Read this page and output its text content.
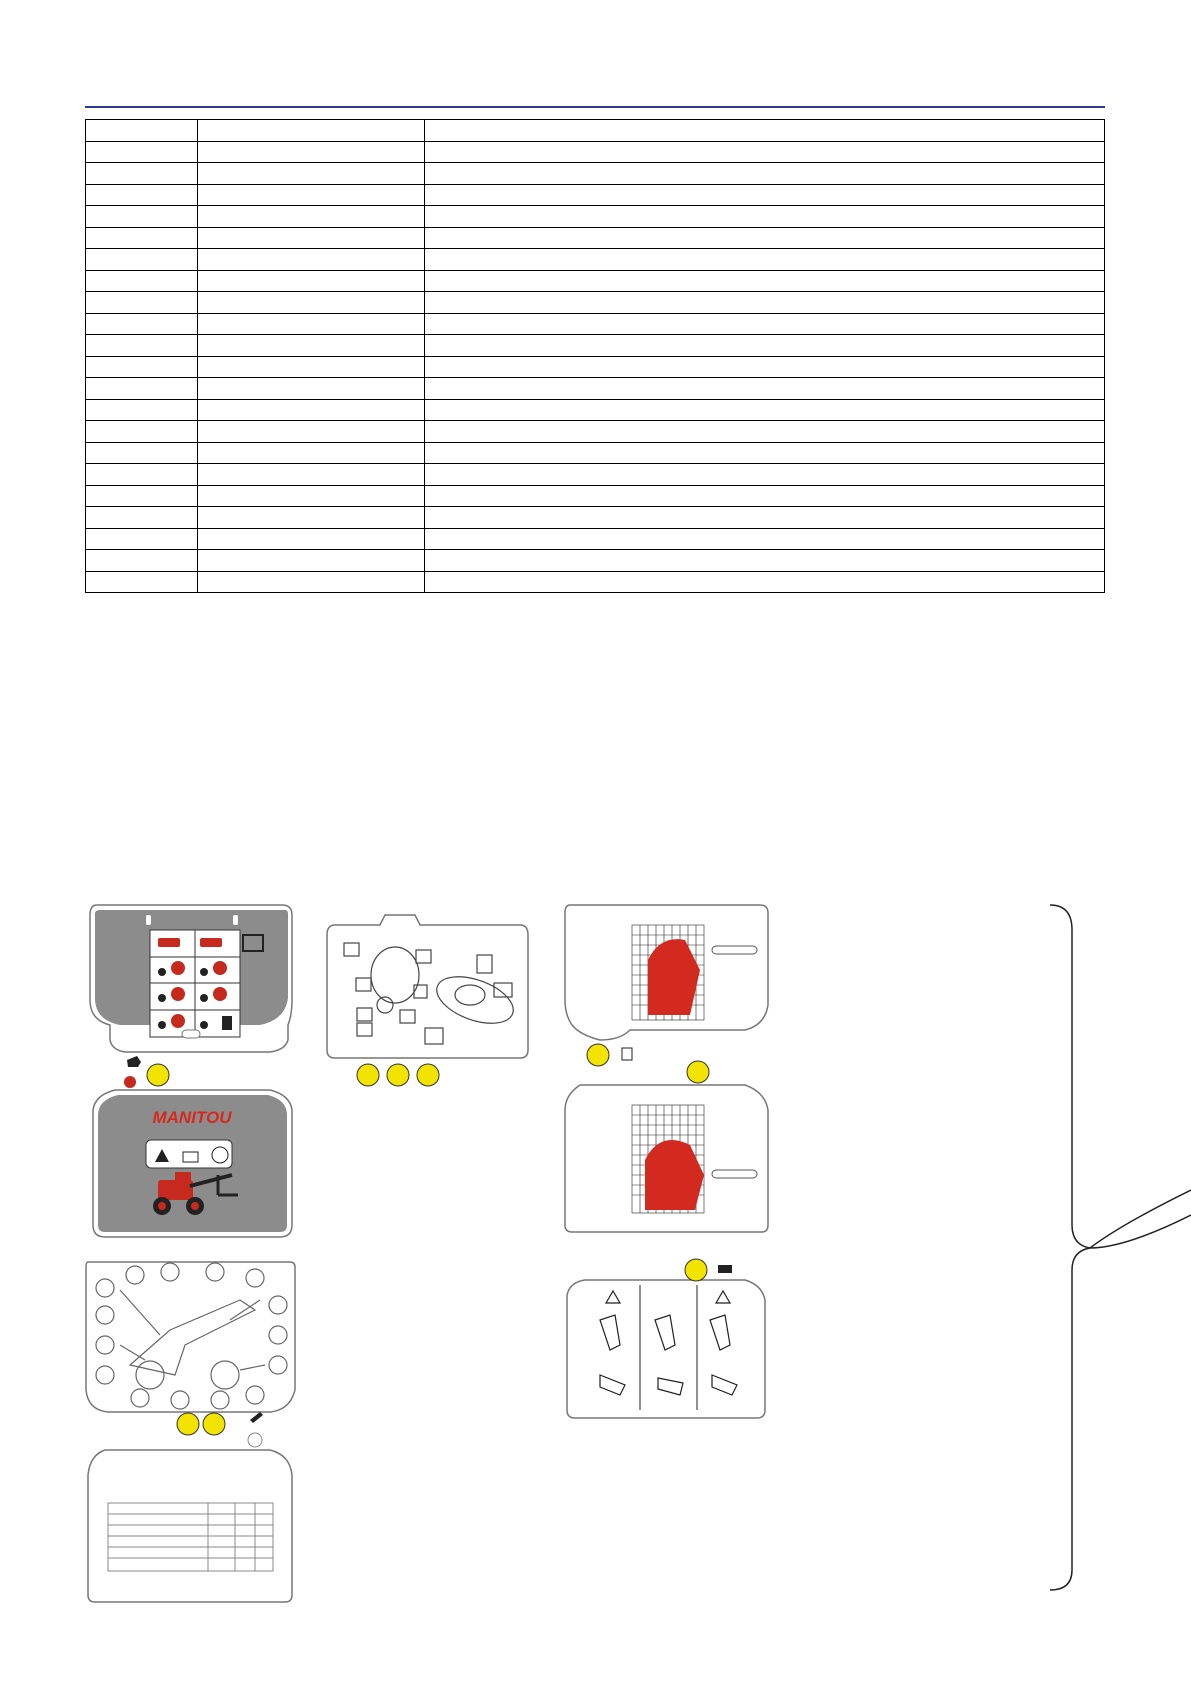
MANITOU
